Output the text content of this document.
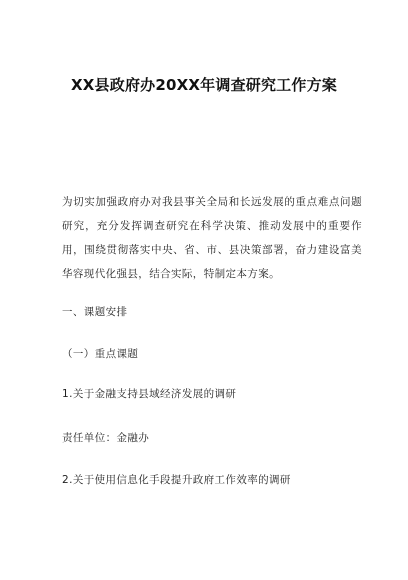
XX县政府办20XX年调查研究工作方案

为切实加强政府办对我县事关全局和长远发展的重点难点问题研究，充分发挥调查研究在科学决策、推动发展中的重要作用，围绕贯彻落实中央、省、市、县决策部署，奋力建设富美华容现代化强县，结合实际，特制定本方案。

一、课题安排

（一）重点课题

1.关于金融支持县域经济发展的调研

责任单位：金融办

2.关于使用信息化手段提升政府工作效率的调研
